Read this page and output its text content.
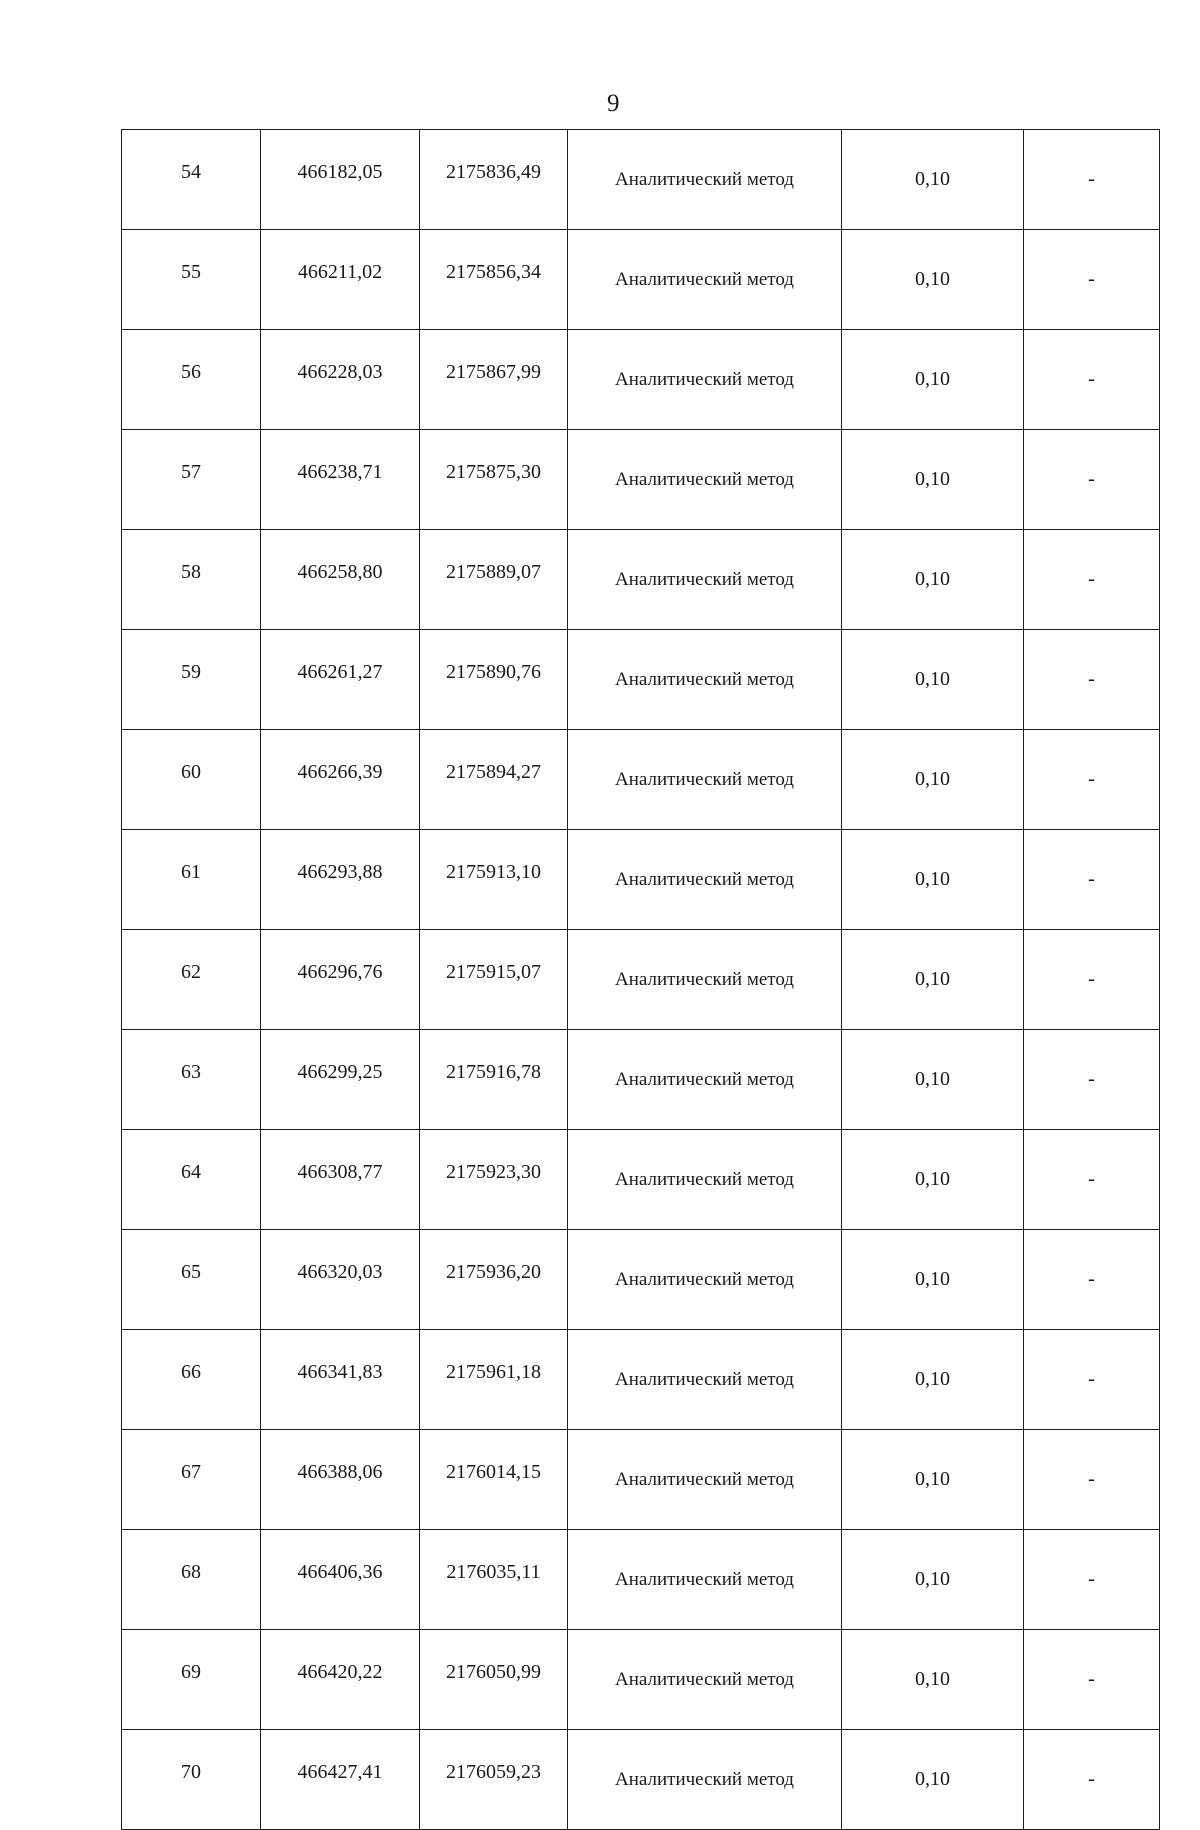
9
54	466182,05	2175836,49	Аналитический метод	0,10	-
55	466211,02	2175856,34	Аналитический метод	0,10	-
56	466228,03	2175867,99	Аналитический метод	0,10	-
57	466238,71	2175875,30	Аналитический метод	0,10	-
58	466258,80	2175889,07	Аналитический метод	0,10	-
59	466261,27	2175890,76	Аналитический метод	0,10	-
60	466266,39	2175894,27	Аналитический метод	0,10	-
61	466293,88	2175913,10	Аналитический метод	0,10	-
62	466296,76	2175915,07	Аналитический метод	0,10	-
63	466299,25	2175916,78	Аналитический метод	0,10	-
64	466308,77	2175923,30	Аналитический метод	0,10	-
65	466320,03	2175936,20	Аналитический метод	0,10	-
66	466341,83	2175961,18	Аналитический метод	0,10	-
67	466388,06	2176014,15	Аналитический метод	0,10	-
68	466406,36	2176035,11	Аналитический метод	0,10	-
69	466420,22	2176050,99	Аналитический метод	0,10	-
70	466427,41	2176059,23	Аналитический метод	0,10	-
